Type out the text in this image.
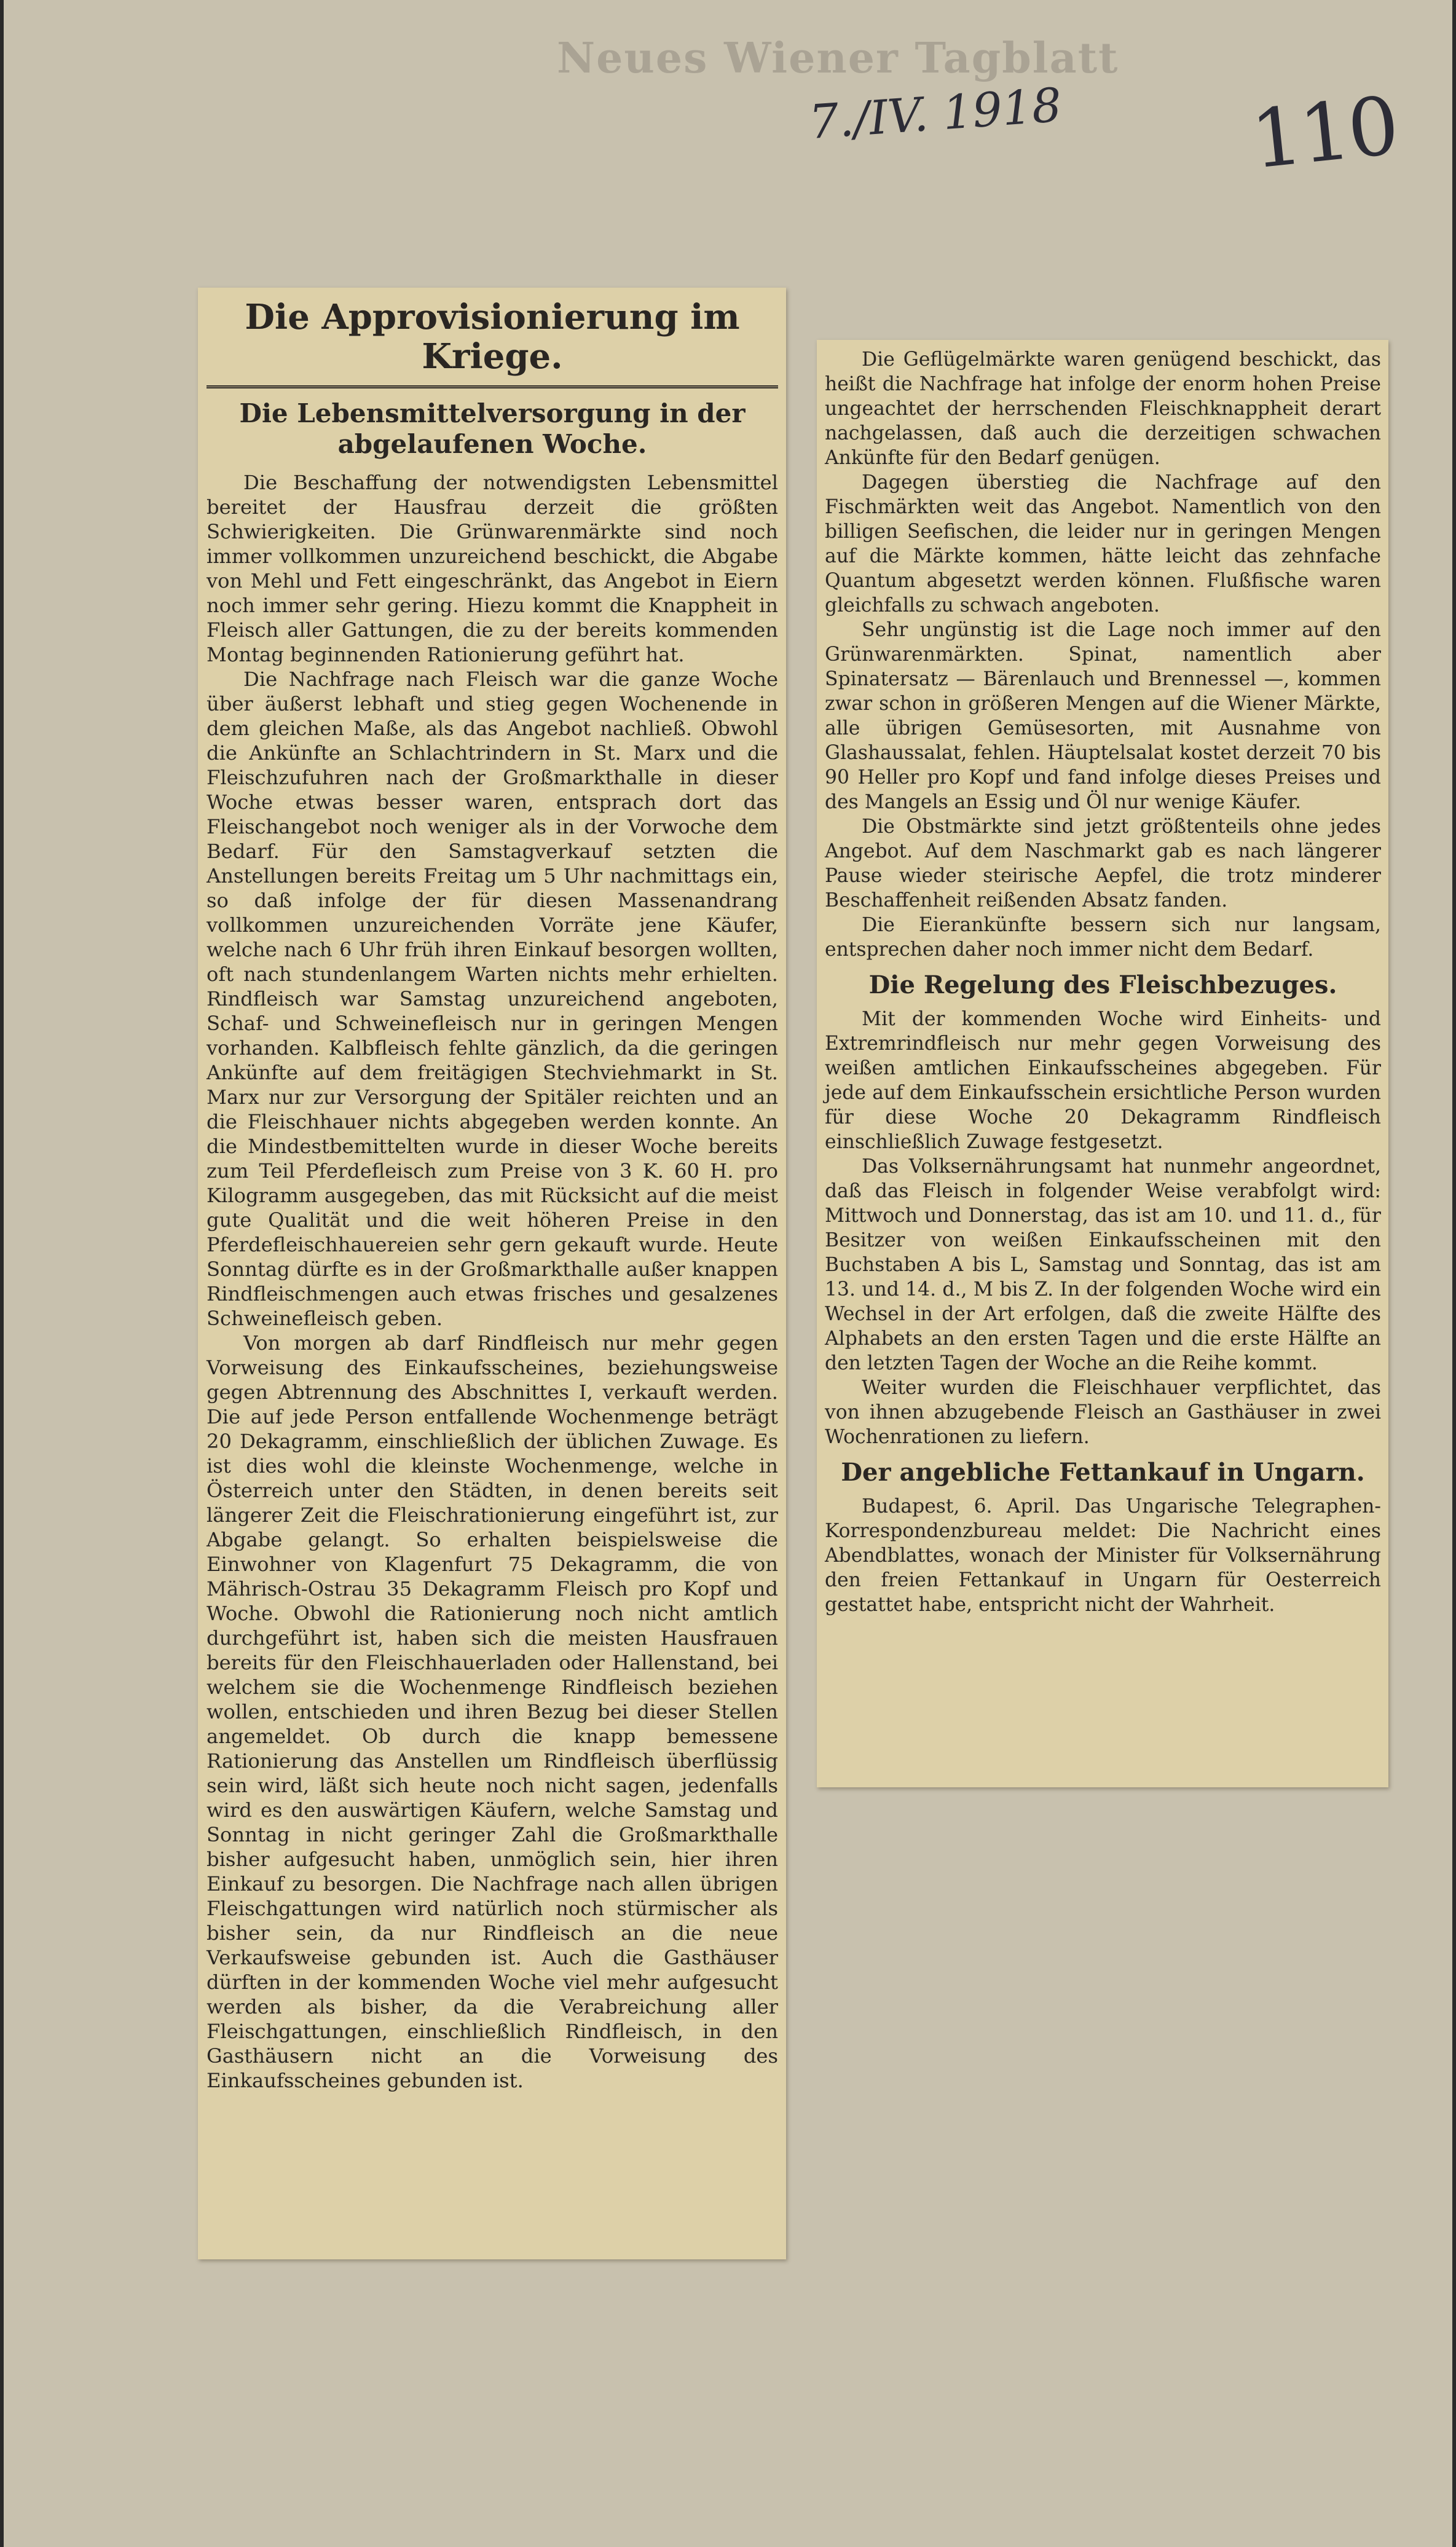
Neues Wiener Tagblatt
7./IV. 1918 110
Die Approvisionierung im Kriege.
Die Lebensmittelversorgung in der abgelaufenen Woche.

Die Beschaffung der notwendigsten Lebensmittel bereitet der Hausfrau derzeit die größten Schwierigkeiten. Die Grünwarenmärkte sind noch immer vollkommen unzureichend beschickt, die Abgabe von Mehl und Fett eingeschränkt, das Angebot in Eiern noch immer sehr gering. Hiezu kommt die Knappheit in Fleisch aller Gattungen, die zu der bereits kommenden Montag beginnenden Rationierung geführt hat.

Die Nachfrage nach Fleisch war die ganze Woche über äußerst lebhaft und stieg gegen Wochenende in dem gleichen Maße, als das Angebot nachließ. Obwohl die Ankünfte an Schlachtrindern in St. Marx und die Fleischzufuhren nach der Großmarkthalle in dieser Woche etwas besser waren, entsprach dort das Fleischangebot noch weniger als in der Vorwoche dem Bedarf. Für den Samstagverkauf setzten die Anstellungen bereits Freitag um 5 Uhr nachmittags ein, so daß infolge der für diesen Massenandrang vollkommen unzureichenden Vorräte jene Käufer, welche nach 6 Uhr früh ihren Einkauf besorgen wollten, oft nach stundenlangem Warten nichts mehr erhielten. Rindfleisch war Samstag unzureichend angeboten, Schaf- und Schweinefleisch nur in geringen Mengen vorhanden. Kalbfleisch fehlte gänzlich, da die geringen Ankünfte auf dem freitägigen Stechviehmarkt in St. Marx nur zur Versorgung der Spitäler reichten und an die Fleischhauer nichts abgegeben werden konnte. An die Mindestbemittelten wurde in dieser Woche bereits zum Teil Pferdefleisch zum Preise von 3 K. 60 H. pro Kilogramm ausgegeben, das mit Rücksicht auf die meist gute Qualität und die weit höheren Preise in den Pferdefleischhauereien sehr gern gekauft wurde. Heute Sonntag dürfte es in der Großmarkthalle außer knappen Rindfleischmengen auch etwas frisches und gesalzenes Schweinefleisch geben.

Von morgen ab darf Rindfleisch nur mehr gegen Vorweisung des Einkaufsscheines, beziehungsweise gegen Abtrennung des Abschnittes I, verkauft werden. Die auf jede Person entfallende Wochenmenge beträgt 20 Dekagramm, einschließlich der üblichen Zuwage. Es ist dies wohl die kleinste Wochenmenge, welche in Österreich unter den Städten, in denen bereits seit längerer Zeit die Fleischrationierung eingeführt ist, zur Abgabe gelangt. So erhalten beispielsweise die Einwohner von Klagenfurt 75 Dekagramm, die von Mährisch-Ostrau 35 Dekagramm Fleisch pro Kopf und Woche. Obwohl die Rationierung noch nicht amtlich durchgeführt ist, haben sich die meisten Hausfrauen bereits für den Fleischhauerladen oder Hallenstand, bei welchem sie die Wochenmenge Rindfleisch beziehen wollen, entschieden und ihren Bezug bei dieser Stellen angemeldet. Ob durch die knapp bemessene Rationierung das Anstellen um Rindfleisch überflüssig sein wird, läßt sich heute noch nicht sagen, jedenfalls wird es den auswärtigen Käufern, welche Samstag und Sonntag in nicht geringer Zahl die Großmarkthalle bisher aufgesucht haben, unmöglich sein, hier ihren Einkauf zu besorgen. Die Nachfrage nach allen übrigen Fleischgattungen wird natürlich noch stürmischer als bisher sein, da nur Rindfleisch an die neue Verkaufsweise gebunden ist. Auch die Gasthäuser dürften in der kommenden Woche viel mehr aufgesucht werden als bisher, da die Verabreichung aller Fleischgattungen, einschließlich Rindfleisch, in den Gasthäusern nicht an die Vorweisung des Einkaufsscheines gebunden ist.

Die Geflügelmärkte waren genügend beschickt, das heißt die Nachfrage hat infolge der enorm hohen Preise ungeachtet der herrschenden Fleischknappheit derart nachgelassen, daß auch die derzeitigen schwachen Ankünfte für den Bedarf genügen.

Dagegen überstieg die Nachfrage auf den Fischmärkten weit das Angebot. Namentlich von den billigen Seefischen, die leider nur in geringen Mengen auf die Märkte kommen, hätte leicht das zehnfache Quantum abgesetzt werden können. Flußfische waren gleichfalls zu schwach angeboten.

Sehr ungünstig ist die Lage noch immer auf den Grünwarenmärkten. Spinat, namentlich aber Spinatersatz — Bärenlauch und Brennessel —, kommen zwar schon in größeren Mengen auf die Wiener Märkte, alle übrigen Gemüsesorten, mit Ausnahme von Glashaussalat, fehlen. Häuptelsalat kostet derzeit 70 bis 90 Heller pro Kopf und fand infolge dieses Preises und des Mangels an Essig und Öl nur wenige Käufer.

Die Obstmärkte sind jetzt größtenteils ohne jedes Angebot. Auf dem Naschmarkt gab es nach längerer Pause wieder steirische Aepfel, die trotz minderer Beschaffenheit reißenden Absatz fanden.

Die Eierankünfte bessern sich nur langsam, entsprechen daher noch immer nicht dem Bedarf.

Die Regelung des Fleischbezuges.

Mit der kommenden Woche wird Einheits- und Extremrindfleisch nur mehr gegen Vorweisung des weißen amtlichen Einkaufsscheines abgegeben. Für jede auf dem Einkaufsschein ersichtliche Person wurden für diese Woche 20 Dekagramm Rindfleisch einschließlich Zuwage festgesetzt.

Das Volksernährungsamt hat nunmehr angeordnet, daß das Fleisch in folgender Weise verabfolgt wird: Mittwoch und Donnerstag, das ist am 10. und 11. d., für Besitzer von weißen Einkaufsscheinen mit den Buchstaben A bis L, Samstag und Sonntag, das ist am 13. und 14. d., M bis Z. In der folgenden Woche wird ein Wechsel in der Art erfolgen, daß die zweite Hälfte des Alphabets an den ersten Tagen und die erste Hälfte an den letzten Tagen der Woche an die Reihe kommt.

Weiter wurden die Fleischhauer verpflichtet, das von ihnen abzugebende Fleisch an Gasthäuser in zwei Wochenrationen zu liefern.

Der angebliche Fettankauf in Ungarn.

Budapest, 6. April. Das Ungarische Telegraphen-Korrespondenzbureau meldet: Die Nachricht eines Abendblattes, wonach der Minister für Volksernährung den freien Fettankauf in Ungarn für Oesterreich gestattet habe, entspricht nicht der Wahrheit.
